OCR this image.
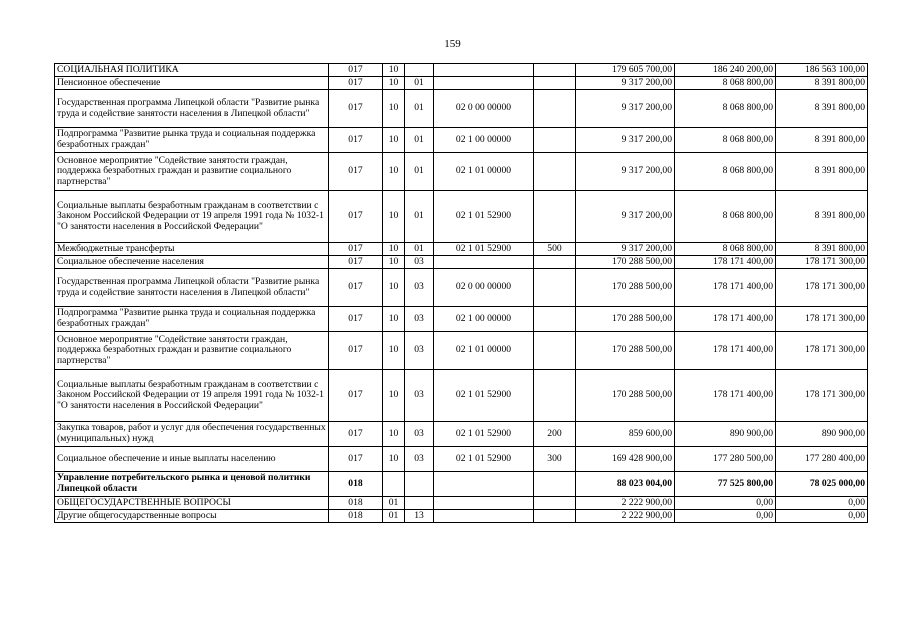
159
СОЦИАЛЬНАЯ ПОЛИТИКА	017	10				179 605 700,00	186 240 200,00	186 563 100,00
Пенсионное обеспечение	017	10	01			9 317 200,00	8 068 800,00	8 391 800,00
Государственная программа Липецкой области "Развитие рынка труда и содействие занятости населения в Липецкой области"	017	10	01	02 0 00 00000		9 317 200,00	8 068 800,00	8 391 800,00
Подпрограмма "Развитие рынка труда и социальная поддержка безработных граждан"	017	10	01	02 1 00 00000		9 317 200,00	8 068 800,00	8 391 800,00
Основное мероприятие "Содействие занятости граждан, поддержка безработных граждан и развитие социального партнерства"	017	10	01	02 1 01 00000		9 317 200,00	8 068 800,00	8 391 800,00
Социальные выплаты безработным гражданам в соответствии с Законом Российской Федерации от 19 апреля 1991 года № 1032-1 "О занятости населения в Российской Федерации"	017	10	01	02 1 01 52900		9 317 200,00	8 068 800,00	8 391 800,00
Межбюджетные трансферты	017	10	01	02 1 01 52900	500	9 317 200,00	8 068 800,00	8 391 800,00
Социальное обеспечение населения	017	10	03			170 288 500,00	178 171 400,00	178 171 300,00
Государственная программа Липецкой области "Развитие рынка труда и содействие занятости населения в Липецкой области"	017	10	03	02 0 00 00000		170 288 500,00	178 171 400,00	178 171 300,00
Подпрограмма "Развитие рынка труда и социальная поддержка безработных граждан"	017	10	03	02 1 00 00000		170 288 500,00	178 171 400,00	178 171 300,00
Основное мероприятие "Содействие занятости граждан, поддержка безработных граждан и развитие социального партнерства"	017	10	03	02 1 01 00000		170 288 500,00	178 171 400,00	178 171 300,00
Социальные выплаты безработным гражданам в соответствии с Законом Российской Федерации от 19 апреля 1991 года № 1032-1 "О занятости населения в Российской Федерации"	017	10	03	02 1 01 52900		170 288 500,00	178 171 400,00	178 171 300,00
Закупка товаров, работ и услуг для обеспечения государственных (муниципальных) нужд	017	10	03	02 1 01 52900	200	859 600,00	890 900,00	890 900,00
Социальное обеспечение и иные выплаты населению	017	10	03	02 1 01 52900	300	169 428 900,00	177 280 500,00	177 280 400,00
Управление потребительского рынка и ценовой политики Липецкой области	018					88 023 004,00	77 525 800,00	78 025 000,00
ОБЩЕГОСУДАРСТВЕННЫЕ ВОПРОСЫ	018	01				2 222 900,00	0,00	0,00
Другие общегосударственные вопросы	018	01	13			2 222 900,00	0,00	0,00
